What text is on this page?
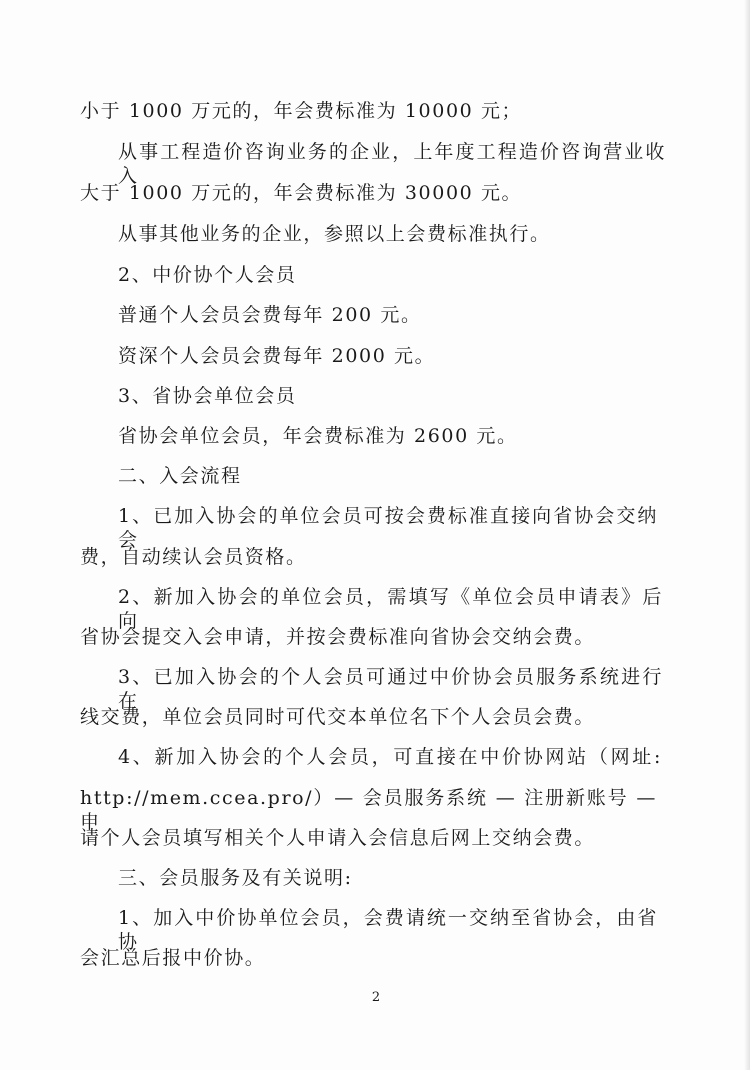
小于 1000 万元的，年会费标准为 10000 元；
从事工程造价咨询业务的企业，上年度工程造价咨询营业收入
大于 1000 万元的，年会费标准为 30000 元。
从事其他业务的企业，参照以上会费标准执行。
2、中价协个人会员
普通个人会员会费每年 200 元。
资深个人会员会费每年 2000 元。
3、省协会单位会员
省协会单位会员，年会费标准为 2600 元。
二、入会流程
1、已加入协会的单位会员可按会费标准直接向省协会交纳会
费，自动续认会员资格。
2、新加入协会的单位会员，需填写《单位会员申请表》后向
省协会提交入会申请，并按会费标准向省协会交纳会费。
3、已加入协会的个人会员可通过中价协会员服务系统进行在
线交费，单位会员同时可代交本单位名下个人会员会费。
4、新加入协会的个人会员，可直接在中价协网站（网址:
http://mem.ccea.pro/）— 会员服务系统 — 注册新账号 — 申
请个人会员填写相关个人申请入会信息后网上交纳会费。
三、会员服务及有关说明:
1、加入中价协单位会员，会费请统一交纳至省协会，由省协
会汇总后报中价协。
2
